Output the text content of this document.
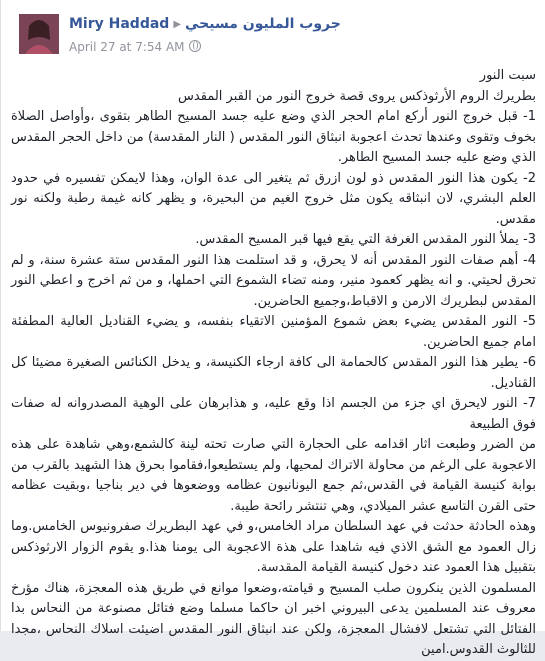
Miry Haddad ▶ جروب المليون مسيحي
April 27 at 7:54 AM

سبت النور

بطريرك الروم الأرثوذكس يروى قصة خروج النور من القبر المقدس

1- قبل خروج النور أركع امام الحجر الذي وضع عليه جسد المسيح الطاهر بتقوى ،وأواصل الصلاة بخوف وتقوى وعندها تحدث اعجوبة انبثاق النور المقدس ( النار المقدسة) من داخل الحجر المقدس الذي وضع عليه جسد المسيح الطاهر.

2- يكون هذا النور المقدس ذو لون ازرق ثم يتغير الى عدة الوان، وهذا لايمكن تفسيره في حدود العلم البشري، لان انبثاقه يكون مثل خروج الغيم من البحيرة، و يظهر كانه غيمة رطبة ولكنه نور مقدس.

3- يملأ النور المقدس الغرفة التي يقع فيها قبر المسيح المقدس.

4- أهم صفات النور المقدس أنه لا يحرق، و قد استلمت هذا النور المقدس ستة عشرة سنة، و لم تحرق لحيتي. و انه يظهر كعمود منير، ومنه تضاء الشموع التي احملها، و من ثم اخرج و اعطي النور المقدس لبطريرك الارمن و الاقباط،وجميع الحاضرين.

5- النور المقدس يضيء بعض شموع المؤمنين الاتقياء بنفسه، و يضيء القناديل العالية المطفئة امام جميع الحاضرين.

6- يطير هذا النور المقدس كالحمامة الى كافة ارجاء الكنيسة، و يدخل الكنائس الصغيرة مضيئا كل القناديل.

7- النور لايحرق اي جزء من الجسم اذا وقع عليه، و هذابرهان على الوهية المصدروانه له صفات فوق الطبيعة

من الضرر وطبعت اثار اقدامه على الحجارة التي صارت تحته لينة كالشمع،وهي شاهدة على هذه الاعجوبة على الرغم من محاولة الاتراك لمحيها، ولم يستطيعوا،فقاموا بحرق هذا الشهيد بالقرب من بوابة كنيسة القيامة في القدس،ثم جمع اليونانيون عظامه ووضعوها في دير بناجيا ،وبقيت عظامه حتى القرن التاسع عشر الميلادي، وهي تنتشر رائحة طيبة.

وهذه الحادثة حدثت في عهد السلطان مراد الخامس،و في عهد البطريرك صفرونيوس الخامس.وما زال العمود مع الشق الاذي فيه شاهدا على هذة الاعجوبة الى يومنا هذا.و يقوم الزوار الارثوذكس بتقبيل هذا العمود عند دخول كنيسة القيامة المقدسة.

المسلمون الذين ينكرون صلب المسيح و قيامته،وضعوا موانع في طريق هذه المعجزة، هناك مؤرخ معروف عند المسلمين يدعى البيروني اخبر ان حاكما مسلما وضع فتائل مصنوعة من النحاس بدا الفتائل التي تشتعل لافشال المعجزة، ولكن عند انبثاق النور المقدس اضيئت اسلاك النحاس ،مجدا للثالوث القدوس.امين
